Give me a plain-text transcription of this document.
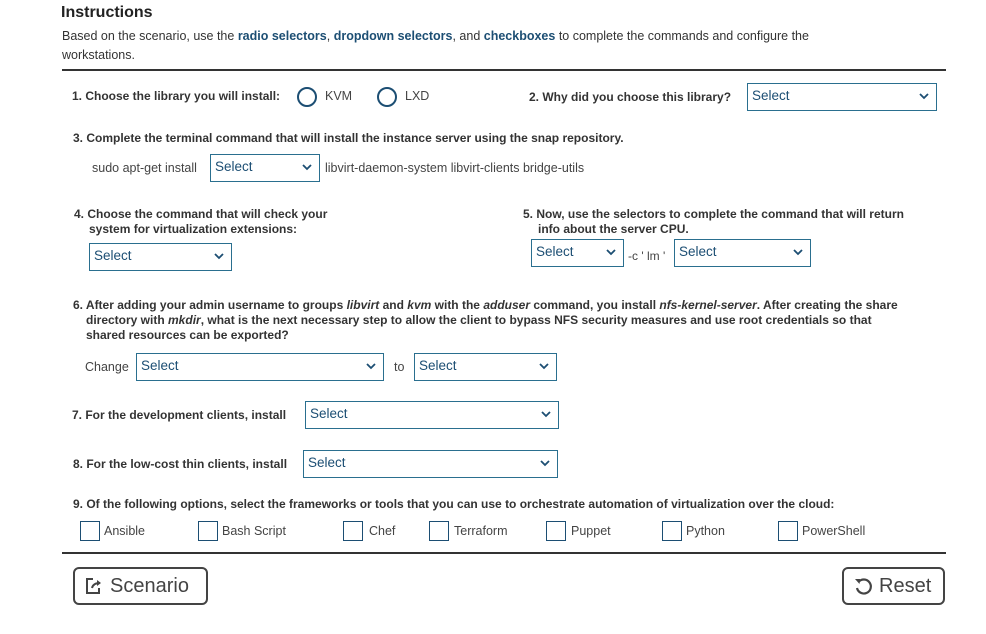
Instructions
Based on the scenario, use the radio selectors, dropdown selectors, and checkboxes to complete the commands and configure the workstations.
1. Choose the library you will install:	KVM	LXD	2. Why did you choose this library?	Select
3. Complete the terminal command that will install the instance server using the snap repository.
sudo apt-get install	Select	libvirt-daemon-system libvirt-clients bridge-utils
4. Choose the command that will check your
system for virtualization extensions:
Select
5. Now, use the selectors to complete the command that will return
info about the server CPU.
Select	-c ' lm '	Select
6. After adding your admin username to groups libvirt and kvm with the adduser command, you install nfs-kernel-server. After creating the share
directory with mkdir, what is the next necessary step to allow the client to bypass NFS security measures and use root credentials so that
shared resources can be exported?
Change Select	to	Select
7. For the development clients, install	Select
8. For the low-cost thin clients, install	Select
9. Of the following options, select the frameworks or tools that you can use to orchestrate automation of virtualization over the cloud:
Ansible	Bash Script	Chef	Terraform	Puppet	Python	PowerShell
Scenario	Reset
